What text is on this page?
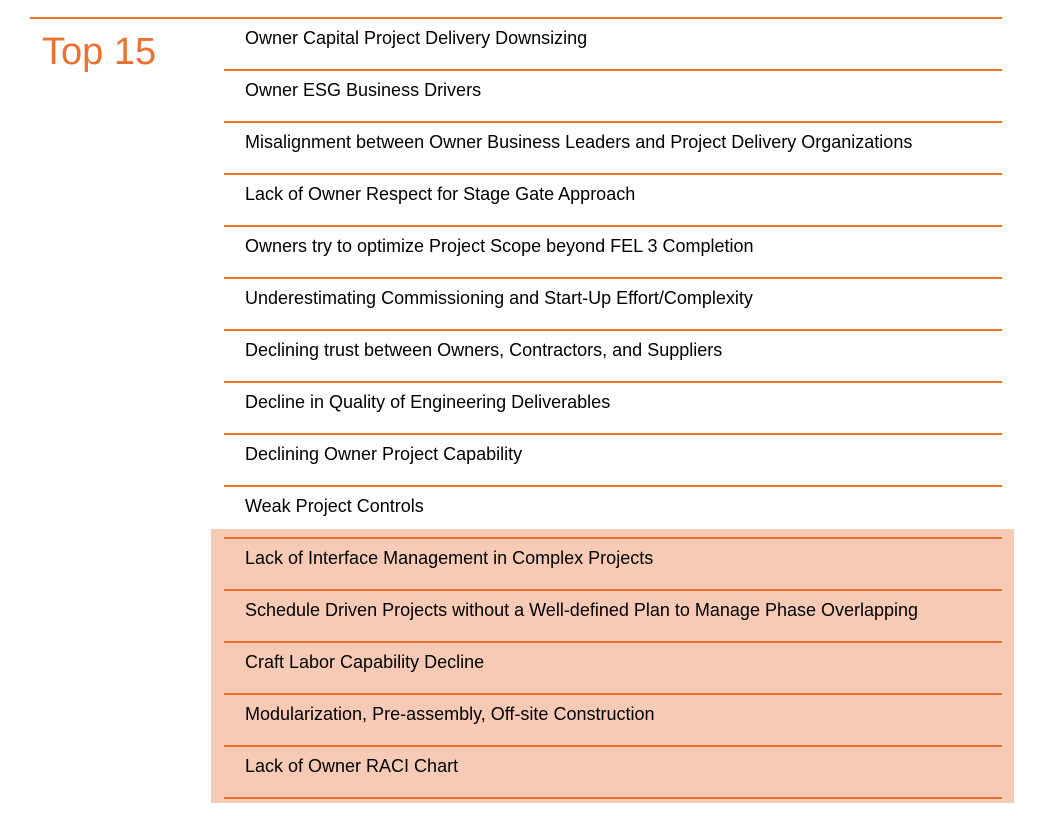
Top 15	Owner Capital Project Delivery Downsizing
Owner ESG Business Drivers
Misalignment between Owner Business Leaders and Project Delivery Organizations
Lack of Owner Respect for Stage Gate Approach
Owners try to optimize Project Scope beyond FEL 3 Completion
Underestimating Commissioning and Start-Up Effort/Complexity
Declining trust between Owners, Contractors, and Suppliers
Decline in Quality of Engineering Deliverables
Declining Owner Project Capability
Weak Project Controls
Lack of Interface Management in Complex Projects
Schedule Driven Projects without a Well-defined Plan to Manage Phase Overlapping
Craft Labor Capability Decline
Modularization, Pre-assembly, Off-site Construction
Lack of Owner RACI Chart
